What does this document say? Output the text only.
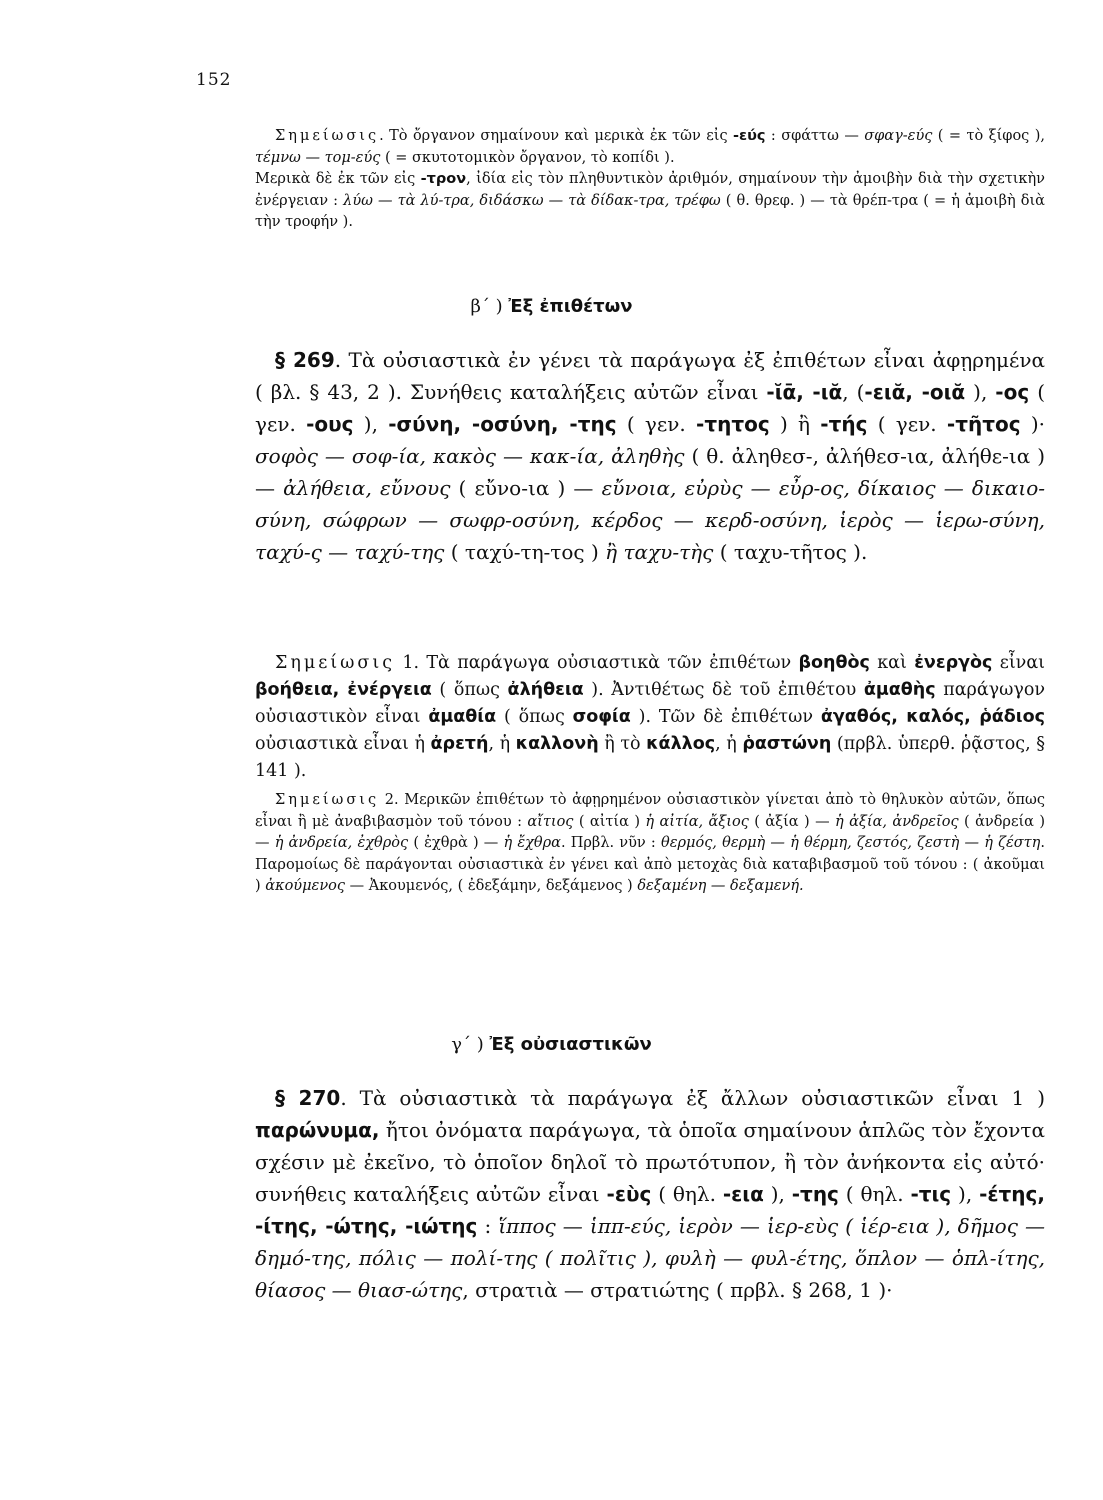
152

Σημείωσις. Τὸ ὄργανον σημαίνουν καὶ μερικὰ ἐκ τῶν εἰς -εύς : σφάττω — σφαγ-εύς ( = τὸ ξίφος ), τέμνω — τομ-εύς ( = σκυτοτομικὸν ὄργανον, τὸ κοπίδι ).
Μερικὰ δὲ ἐκ τῶν εἰς -τρον, ἰδία εἰς τὸν πληθυντικὸν ἀριθμόν, σημαίνουν τὴν ἀμοιβὴν διὰ τὴν σχετικὴν ἐνέργειαν : λύω — τὰ λύ-τρα, διδάσκω — τὰ δίδακ-τρα, τρέφω ( θ. θρεφ. ) — τὰ θρέπ-τρα ( = ἡ ἀμοιβὴ διὰ τὴν τροφήν ).

β΄ ) Ἐξ ἐπιθέτων

§ 269. Τὰ οὐσιαστικὰ ἐν γένει τὰ παράγωγα ἐξ ἐπιθέτων εἶναι ἀφῃρημένα ( βλ. § 43, 2 ). Συνήθεις καταλήξεις αὐτῶν εἶναι -ῐᾱ, -ιᾰ, (-ειᾰ, -οιᾰ ), -ος ( γεν. -ους ), -σύνη, -οσύνη, -της ( γεν. -τητος ) ἢ -τής ( γεν. -τῆτος )· σοφὸς — σοφ-ία, κακὸς — κακ-ία, ἀληθὴς ( θ. ἀληθεσ-, ἀλήθεσ-ια, ἀλήθε-ια ) — ἀλήθεια, εὔνους ( εὔνο-ια ) — εὔνοια, εὐρὺς — εὖρ-ος, δίκαιος — δικαιο-σύνη, σώφρων — σωφρ-οσύνη, κέρδος — κερδ-οσύνη, ἱερὸς — ἱερω-σύνη, ταχύ-ς — ταχύ-της ( ταχύ-τη-τος ) ἢ ταχυ-τὴς ( ταχυ-τῆτος ).

Σημείωσις 1. Τὰ παράγωγα οὐσιαστικὰ τῶν ἐπιθέτων βοηθὸς καὶ ἐνεργὸς εἶναι βοήθεια, ἐνέργεια ( ὅπως ἀλήθεια ). Ἀντιθέτως δὲ τοῦ ἐπιθέτου ἀμαθὴς παράγωγον οὐσιαστικὸν εἶναι ἀμαθία ( ὅπως σοφία ). Τῶν δὲ ἐπιθέτων ἀγαθός, καλός, ῥάδιος οὐσιαστικὰ εἶναι ἡ ἀρετή, ἡ καλλονὴ ἢ τὸ κάλλος, ἡ ῥαστώνη (πρβλ. ὑπερθ. ῥᾷστος, § 141 ).

Σημείωσις 2. Μερικῶν ἐπιθέτων τὸ ἀφῃρημένον οὐσιαστικὸν γίνεται ἀπὸ τὸ θηλυκὸν αὐτῶν, ὅπως εἶναι ἢ μὲ ἀναβιβασμὸν τοῦ τόνου : αἴτιος ( αἰτία ) ἡ αἰτία, ἄξιος ( ἀξία ) — ἡ ἀξία, ἀνδρεῖος ( ἀνδρεία ) — ἡ ἀνδρεία, ἐχθρὸς ( ἐχθρὰ ) — ἡ ἔχθρα. Πρβλ. νῦν : θερμός, θερμὴ — ἡ θέρμη, ζεστός, ζεστὴ — ἡ ζέστη. Παρομοίως δὲ παράγονται οὐσιαστικὰ ἐν γένει καὶ ἀπὸ μετοχὰς διὰ καταβιβασμοῦ τοῦ τόνου : ( ἀκοῦμαι ) ἀκούμενος — Ἀκουμενός, ( ἐδεξάμην, δεξάμενος ) δεξαμένη — δεξαμενή.

γ΄ ) Ἐξ οὐσιαστικῶν

§ 270. Τὰ οὐσιαστικὰ τὰ παράγωγα ἐξ ἄλλων οὐσιαστικῶν εἶναι 1 ) παρώνυμα, ἤτοι ὀνόματα παράγωγα, τὰ ὁποῖα σημαίνουν ἁπλῶς τὸν ἔχοντα σχέσιν μὲ ἐκεῖνο, τὸ ὁποῖον δηλοῖ τὸ πρωτότυπον, ἢ τὸν ἀνήκοντα εἰς αὐτό· συνήθεις καταλήξεις αὐτῶν εἶναι -εὺς ( θηλ. -εια ), -της ( θηλ. -τις ), -έτης, -ίτης, -ώτης, -ιώτης : ἵππος — ἱππ-εύς, ἱερὸν — ἱερ-εὺς ( ἱέρ-εια ), δῆμος — δημό-της, πόλις — πολί-της ( πολῖτις ), φυλὴ — φυλ-έτης, ὅπλον — ὁπλ-ίτης, θίασος — θιασ-ώτης, στρατιὰ — στρατιώτης ( πρβλ. § 268, 1 )·
